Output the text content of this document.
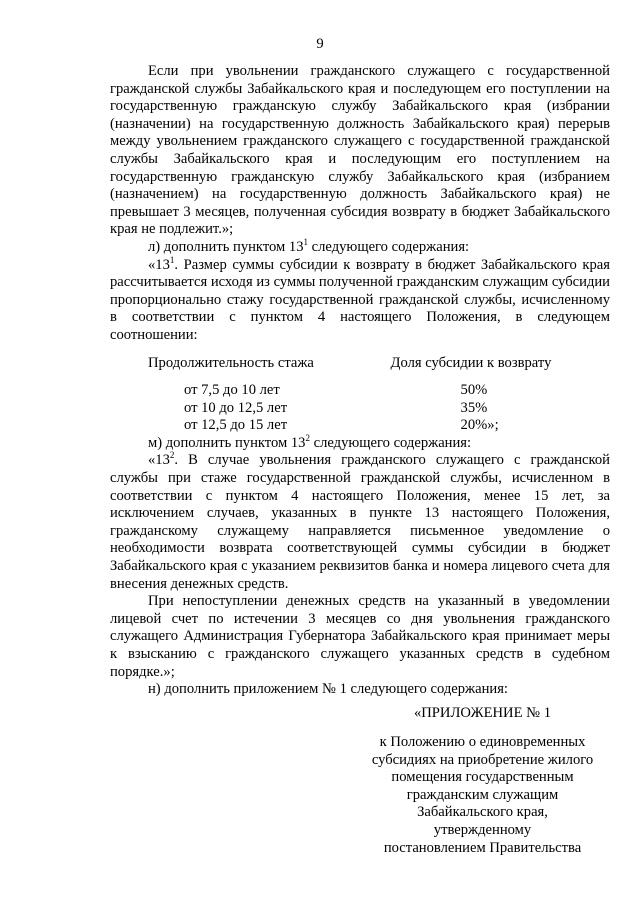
9

Если при увольнении гражданского служащего с государственной гражданской службы Забайкальского края и последующем его поступлении на государственную гражданскую службу Забайкальского края (избрании (назначении) на государственную должность Забайкальского края) перерыв между увольнением гражданского служащего с государственной гражданской службы Забайкальского края и последующим его поступлением на государственную гражданскую службу Забайкальского края (избранием (назначением) на государственную должность Забайкальского края) не превышает 3 месяцев, полученная субсидия возврату в бюджет Забайкальского края не подлежит.»;

л) дополнить пунктом $13^1$ следующего содержания:

«$13^1$. Размер суммы субсидии к возврату в бюджет Забайкальского края рассчитывается исходя из суммы полученной гражданским служащим субсидии пропорционально стажу государственной гражданской службы, исчисленному в соответствии с пунктом 4 настоящего Положения, в следующем соотношении:

Продолжительность стажа	Доля субсидии к возврату
от 7,5 до 10 лет	50%
от 10 до 12,5 лет	35%
от 12,5 до 15 лет	20%»;

м) дополнить пунктом $13^2$ следующего содержания:

«$13^2$. В случае увольнения гражданского служащего с гражданской службы при стаже государственной гражданской службы, исчисленном в соответствии с пунктом 4 настоящего Положения, менее 15 лет, за исключением случаев, указанных в пункте 13 настоящего Положения, гражданскому служащему направляется письменное уведомление о необходимости возврата соответствующей суммы субсидии в бюджет Забайкальского края с указанием реквизитов банка и номера лицевого счета для внесения денежных средств.

При непоступлении денежных средств на указанный в уведомлении лицевой счет по истечении 3 месяцев со дня увольнения гражданского служащего Администрация Губернатора Забайкальского края принимает меры к взысканию с гражданского служащего указанных средств в судебном порядке.»;

н) дополнить приложением № 1 следующего содержания:

«ПРИЛОЖЕНИЕ № 1
к Положению о единовременных
субсидиях на приобретение жилого
помещения государственным
гражданским служащим
Забайкальского края, утвержденному
постановлением Правительства
